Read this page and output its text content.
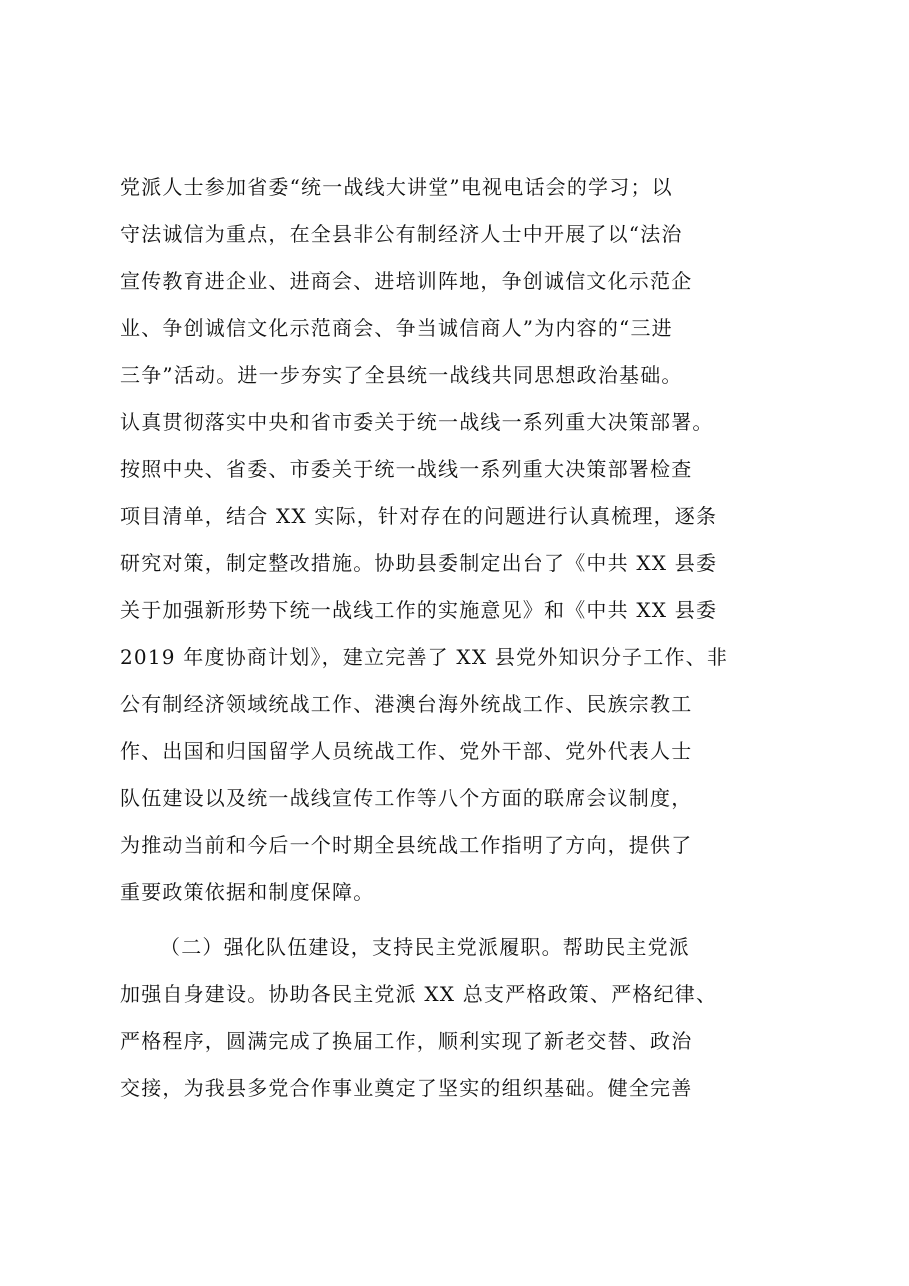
党派人士参加省委“统一战线大讲堂”电视电话会的学习；以
守法诚信为重点，在全县非公有制经济人士中开展了以“法治
宣传教育进企业、进商会、进培训阵地，争创诚信文化示范企
业、争创诚信文化示范商会、争当诚信商人”为内容的“三进
三争”活动。进一步夯实了全县统一战线共同思想政治基础。
认真贯彻落实中央和省市委关于统一战线一系列重大决策部署。
按照中央、省委、市委关于统一战线一系列重大决策部署检查
项目清单，结合 XX 实际，针对存在的问题进行认真梳理，逐条
研究对策，制定整改措施。协助县委制定出台了《中共 XX 县委
关于加强新形势下统一战线工作的实施意见》和《中共 XX 县委
2019 年度协商计划》，建立完善了 XX 县党外知识分子工作、非
公有制经济领域统战工作、港澳台海外统战工作、民族宗教工
作、出国和归国留学人员统战工作、党外干部、党外代表人士
队伍建设以及统一战线宣传工作等八个方面的联席会议制度，
为推动当前和今后一个时期全县统战工作指明了方向，提供了
重要政策依据和制度保障。
（二）强化队伍建设，支持民主党派履职。帮助民主党派
加强自身建设。协助各民主党派 XX 总支严格政策、严格纪律、
严格程序，圆满完成了换届工作，顺利实现了新老交替、政治
交接，为我县多党合作事业奠定了坚实的组织基础。健全完善
